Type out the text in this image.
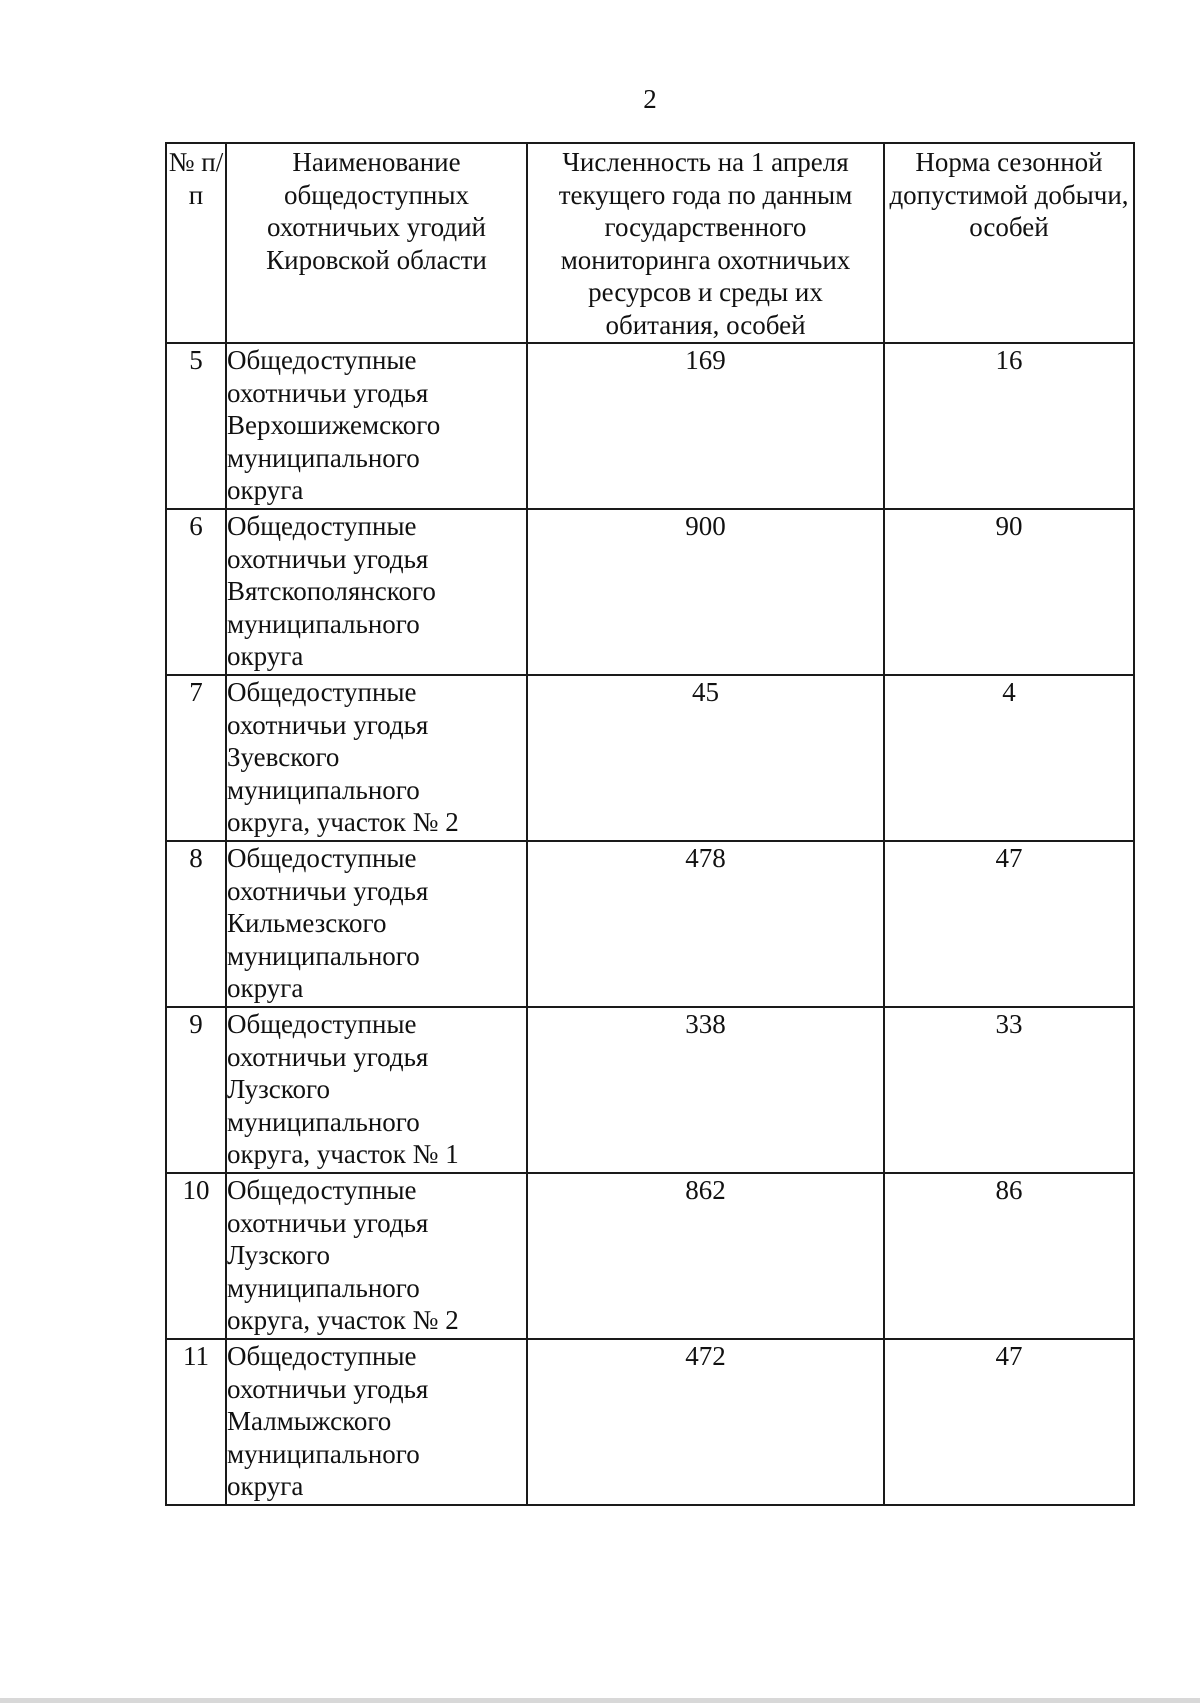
2
№ п/п	Наименование общедоступных охотничьих угодий Кировской области	Численность на 1 апреля текущего года по данным государственного мониторинга охотничьих ресурсов и среды их обитания, особей	Норма сезонной допустимой добычи, особей
5	Общедоступные
охотничьи угодья
Верхошижемского
муниципального
округа	169	16
6	Общедоступные
охотничьи угодья
Вятскополянского
муниципального
округа	900	90
7	Общедоступные
охотничьи угодья
Зуевского
муниципального
округа, участок № 2	45	4
8	Общедоступные
охотничьи угодья
Кильмезского
муниципального
округа	478	47
9	Общедоступные
охотничьи угодья
Лузского
муниципального
округа, участок № 1	338	33
10	Общедоступные
охотничьи угодья
Лузского
муниципального
округа, участок № 2	862	86
11	Общедоступные
охотничьи угодья
Малмыжского
муниципального
округа	472	47
